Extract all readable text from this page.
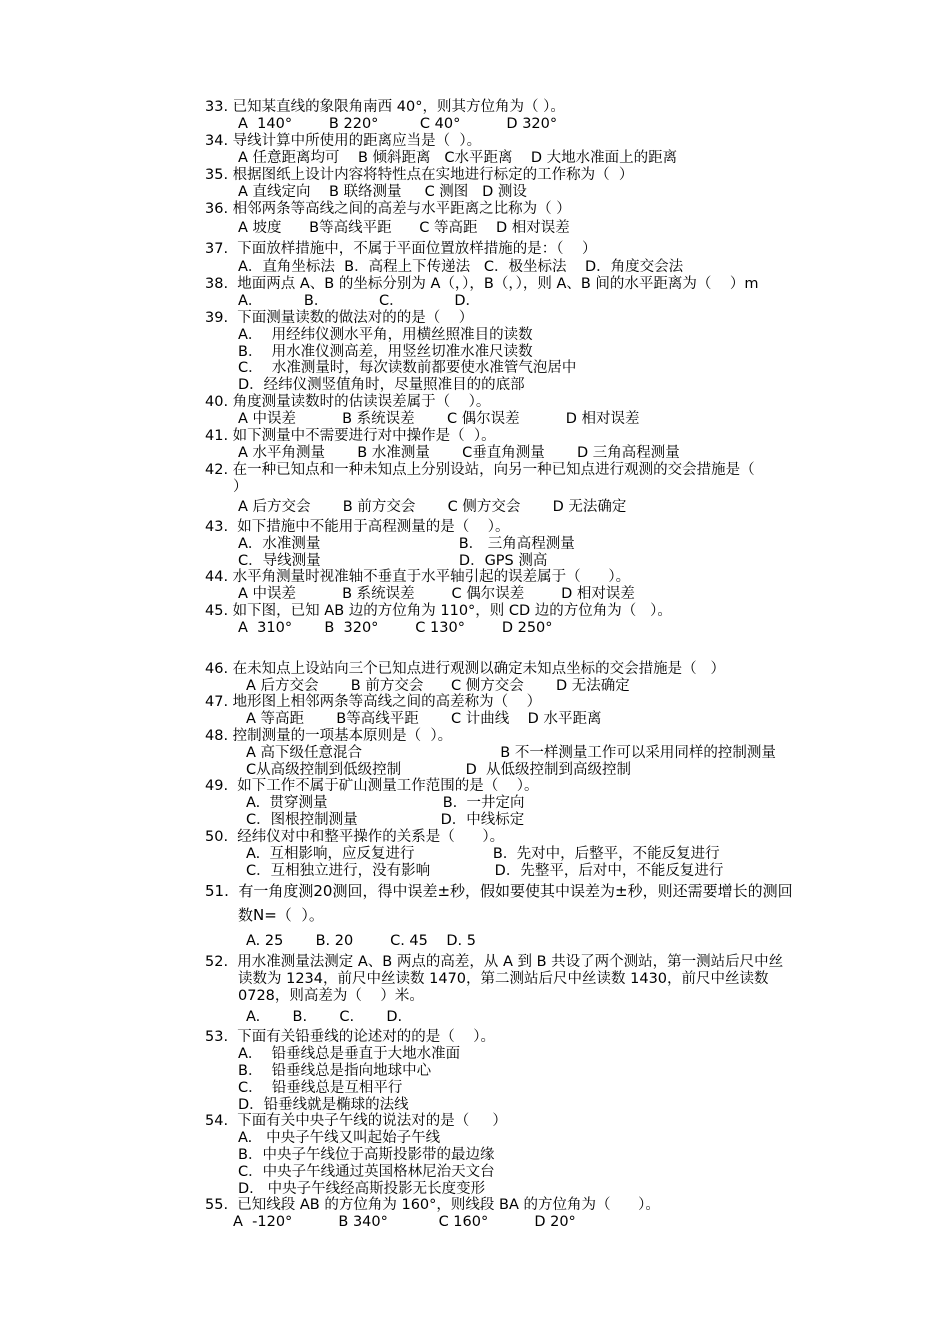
33. 已知某直线的象限角南西 40°，则其方位角为（ ）。
A  140°        B 220°         C 40°          D 320°
34. 导线计算中所使用的距离应当是（  ）。
A 任意距离均可    B 倾斜距离   C水平距离    D 大地水准面上的距离
35. 根据图纸上设计内容将特性点在实地进行标定的工作称为（  ）
A 直线定向    B 联络测量     C 测图   D 测设
36. 相邻两条等高线之间的高差与水平距离之比称为（ ）
A 坡度      B等高线平距      C 等高距    D 相对误差
37.  下面放样措施中，不属于平面位置放样措施的是：（    ）
A．直角坐标法  B．高程上下传递法   C．极坐标法    D．角度交会法
38.  地面两点 A、B 的坐标分别为 A（，），B（，），则 A、B 间的水平距离为（    ）m
A．         B．           C．           D．
39.  下面测量读数的做法对的的是（    ）
A．  用经纬仪测水平角，用横丝照准目的读数
B．  用水准仪测高差，用竖丝切准水准尺读数
C．  水准测量时，每次读数前都要使水准管气泡居中
D．经纬仪测竖值角时，尽量照准目的的底部
40. 角度测量读数时的估读误差属于（    ）。
A 中误差          B 系统误差       C 偶尔误差          D 相对误差
41. 如下测量中不需要进行对中操作是（  ）。
A 水平角测量       B 水准测量       C垂直角测量       D 三角高程测量
42. 在一种已知点和一种未知点上分别设站，向另一种已知点进行观测的交会措施是（
）
A 后方交会       B 前方交会       C 侧方交会       D 无法确定
43.  如下措施中不能用于高程测量的是（    ）。
A．水准测量                              B． 三角高程测量
C．导线测量                              D．GPS 测高
44. 水平角测量时视准轴不垂直于水平轴引起的误差属于（      ）。
A 中误差          B 系统误差        C 偶尔误差        D 相对误差
45. 如下图，已知 AB 边的方位角为 110°，则 CD 边的方位角为（   ）。
A  310°       B  320°        C 130°        D 250°
46. 在未知点上设站向三个已知点进行观测以确定未知点坐标的交会措施是（   ）
A 后方交会       B 前方交会      C 侧方交会       D 无法确定
47. 地形图上相邻两条等高线之间的高差称为（    ）
A 等高距       B等高线平距       C 计曲线    D 水平距离
48. 控制测量的一项基本原则是（  ）。
A 高下级任意混合                              B 不一样测量工作可以采用同样的控制测量
C从高级控制到低级控制              D  从低级控制到高级控制
49.  如下工作不属于矿山测量工作范围的是（    ）。
A.  贯穿测量                         B.  一井定向
C．图根控制测量                  D．中线标定
50.  经纬仪对中和整平操作的关系是（      ）。
A.  互相影响，应反复进行                 B.  先对中，后整平，不能反复进行
C．互相独立进行，没有影响              D．先整平，后对中，不能反复进行
51.  有一角度测20测回，得中误差±秒，假如要使其中误差为±秒，则还需要增长的测回
数N=（  ）。
A. 25       B. 20        C. 45    D. 5
52.  用水准测量法测定 A、B 两点的高差，从 A 到 B 共设了两个测站，第一测站后尺中丝
读数为 1234，前尺中丝读数 1470，第二测站后尺中丝读数 1430，前尺中丝读数
0728，则高差为（    ）米。
A.       B.       C.       D.
53.  下面有关铅垂线的论述对的的是（    ）。
A．  铅垂线总是垂直于大地水准面
B．  铅垂线总是指向地球中心
C．  铅垂线总是互相平行
D．铅垂线就是椭球的法线
54.  下面有关中央子午线的说法对的是（     ）
A.   中央子午线又叫起始子午线
B．中央子午线位于高斯投影带的最边缘
C．中央子午线通过英国格林尼治天文台
D.   中央子午线经高斯投影无长度变形
55.  已知线段 AB 的方位角为 160°，则线段 BA 的方位角为（      ）。
A  -120°          B 340°           C 160°          D 20°
